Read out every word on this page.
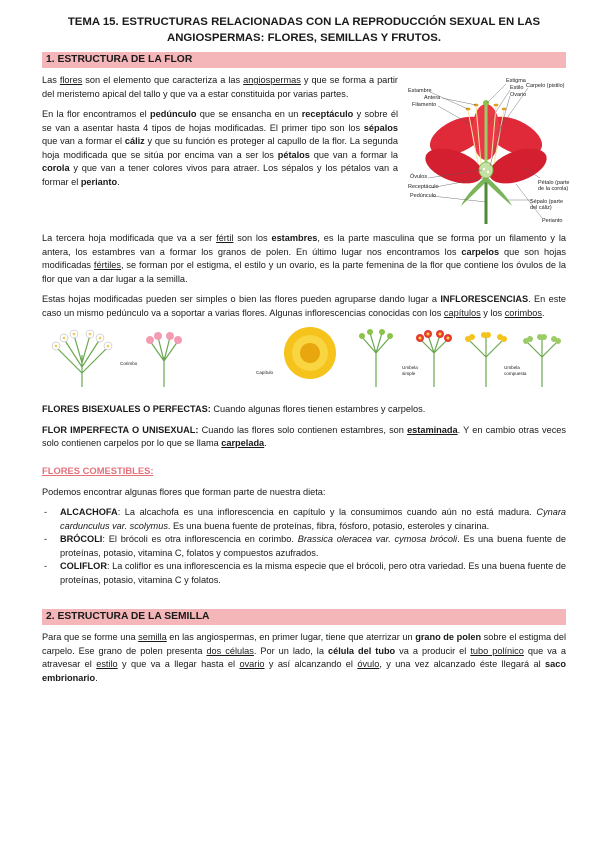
TEMA 15. ESTRUCTURAS RELACIONADAS CON LA REPRODUCCIÓN SEXUAL EN LAS ANGIOSPERMAS: FLORES, SEMILLAS Y FRUTOS.
1. ESTRUCTURA DE LA FLOR

Las flores son el elemento que caracteriza a las angiospermas y que se forma a partir del meristemo apical del tallo y que va a estar constituida por varias partes.

En la flor encontramos el pedúnculo que se ensancha en un receptáculo y sobre él se van a asentar hasta 4 tipos de hojas modificadas. El primer tipo son los sépalos que van a formar el cáliz y que su función es proteger al capullo de la flor. La segunda hoja modificada que se sitúa por encima van a ser los pétalos que van a formar la corola y que van a tener colores vivos para atraer. Los sépalos y los pétalos van a formar el perianto.

Estambre
Antera
Filamento
Estigma
Estilo
Ovario
Carpelo (pistilo)
Óvulos
Receptáculo
Pedúnculo
Pétalo (parte
de la corola)
Sépalo (parte
del cáliz)
Perianto

La tercera hoja modificada que va a ser fértil son los estambres, es la parte masculina que se forma por un filamento y la antera, los estambres van a formar los granos de polen. En último lugar nos encontramos los carpelos que son hojas modificadas fértiles, se forman por el estigma, el estilo y un ovario, es la parte femenina de la flor que contiene los óvulos de la flor que van a dar lugar a la semilla.

Estas hojas modificadas pueden ser simples o bien las flores pueden agruparse dando lugar a INFLORESCENCIAS. En este caso un mismo pedúnculo va a soportar a varias flores. Algunas inflorescencias conocidas con los capítulos y los corimbos.

Corimbo
Capítulo
Umbela
simple
Umbela
compuesta

FLORES BISEXUALES O PERFECTAS: Cuando algunas flores tienen estambres y carpelos.

FLOR IMPERFECTA O UNISEXUAL: Cuando las flores solo contienen estambres, son estaminada. Y en cambio otras veces solo contienen carpelos por lo que se llama carpelada.

FLORES COMESTIBLES:

Podemos encontrar algunas flores que forman parte de nuestra dieta:

- ALCACHOFA: La alcachofa es una inflorescencia en capítulo y la consumimos cuando aún no está madura. Cynara cardunculus var. scolymus. Es una buena fuente de proteínas, fibra, fósforo, potasio, esteroles y cinarina.
- BRÓCOLI: El brócoli es otra inflorescencia en corimbo. Brassica oleracea var. cymosa brócoli. Es una buena fuente de proteínas, potasio, vitamina C, folatos y compuestos azufrados.
- COLIFLOR: La coliflor es una inflorescencia es la misma especie que el brócoli, pero otra variedad. Es una buena fuente de proteínas, potasio, vitamina C y folatos.
2. ESTRUCTURA DE LA SEMILLA

Para que se forme una semilla en las angiospermas, en primer lugar, tiene que aterrizar un grano de polen sobre el estigma del carpelo. Ese grano de polen presenta dos células. Por un lado, la célula del tubo va a producir el tubo polínico que va a atravesar el estilo y que va a llegar hasta el ovario y así alcanzando el óvulo, y una vez alcanzado éste llegará al saco embrionario.
